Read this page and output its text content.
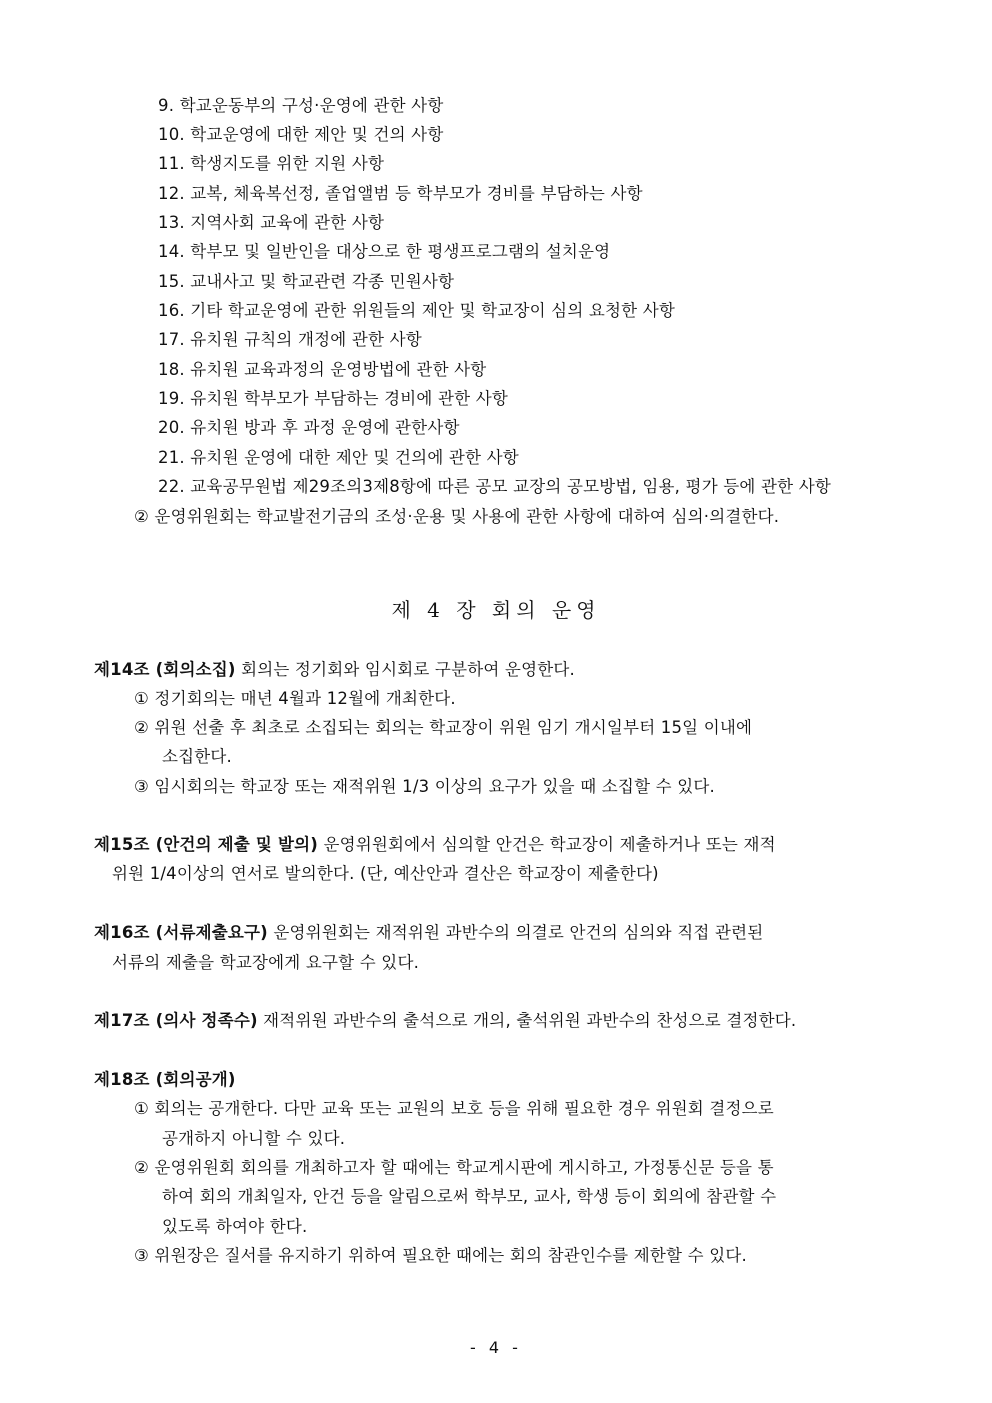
9. 학교운동부의 구성·운영에 관한 사항
10. 학교운영에 대한 제안 및 건의 사항
11. 학생지도를 위한 지원 사항
12. 교복, 체육복선정, 졸업앨범 등 학부모가 경비를 부담하는 사항
13. 지역사회 교육에 관한 사항
14. 학부모 및 일반인을 대상으로 한 평생프로그램의 설치운영
15. 교내사고 및 학교관련 각종 민원사항
16. 기타 학교운영에 관한 위원들의 제안 및 학교장이 심의 요청한 사항
17. 유치원 규칙의 개정에 관한 사항
18. 유치원 교육과정의 운영방법에 관한 사항
19. 유치원 학부모가 부담하는 경비에 관한 사항
20. 유치원 방과 후 과정 운영에 관한사항
21. 유치원 운영에 대한 제안 및 건의에 관한 사항
22. 교육공무원법 제29조의3제8항에 따른 공모 교장의 공모방법, 임용, 평가 등에 관한 사항
② 운영위원회는 학교발전기금의 조성·운용 및 사용에 관한 사항에 대하여 심의·의결한다.
제 4 장 회의 운영
제14조 (회의소집) 회의는 정기회와 임시회로 구분하여 운영한다.
① 정기회의는 매년 4월과 12월에 개최한다.
② 위원 선출 후 최초로 소집되는 회의는 학교장이 위원 임기 개시일부터 15일 이내에
소집한다.
③ 임시회의는 학교장 또는 재적위원 1/3 이상의 요구가 있을 때 소집할 수 있다.
제15조 (안건의 제출 및 발의) 운영위원회에서 심의할 안건은 학교장이 제출하거나 또는 재적
위원 1/4이상의 연서로 발의한다. (단, 예산안과 결산은 학교장이 제출한다)
제16조 (서류제출요구) 운영위원회는 재적위원 과반수의 의결로 안건의 심의와 직접 관련된
서류의 제출을 학교장에게 요구할 수 있다.
제17조 (의사 정족수) 재적위원 과반수의 출석으로 개의, 출석위원 과반수의 찬성으로 결정한다.
제18조 (회의공개)
① 회의는 공개한다. 다만 교육 또는 교원의 보호 등을 위해 필요한 경우 위원회 결정으로
공개하지 아니할 수 있다.
② 운영위원회 회의를 개최하고자 할 때에는 학교게시판에 게시하고, 가정통신문 등을 통
하여 회의 개최일자, 안건 등을 알림으로써 학부모, 교사, 학생 등이 회의에 참관할 수
있도록 하여야 한다.
③ 위원장은 질서를 유지하기 위하여 필요한 때에는 회의 참관인수를 제한할 수 있다.
- 4 -
